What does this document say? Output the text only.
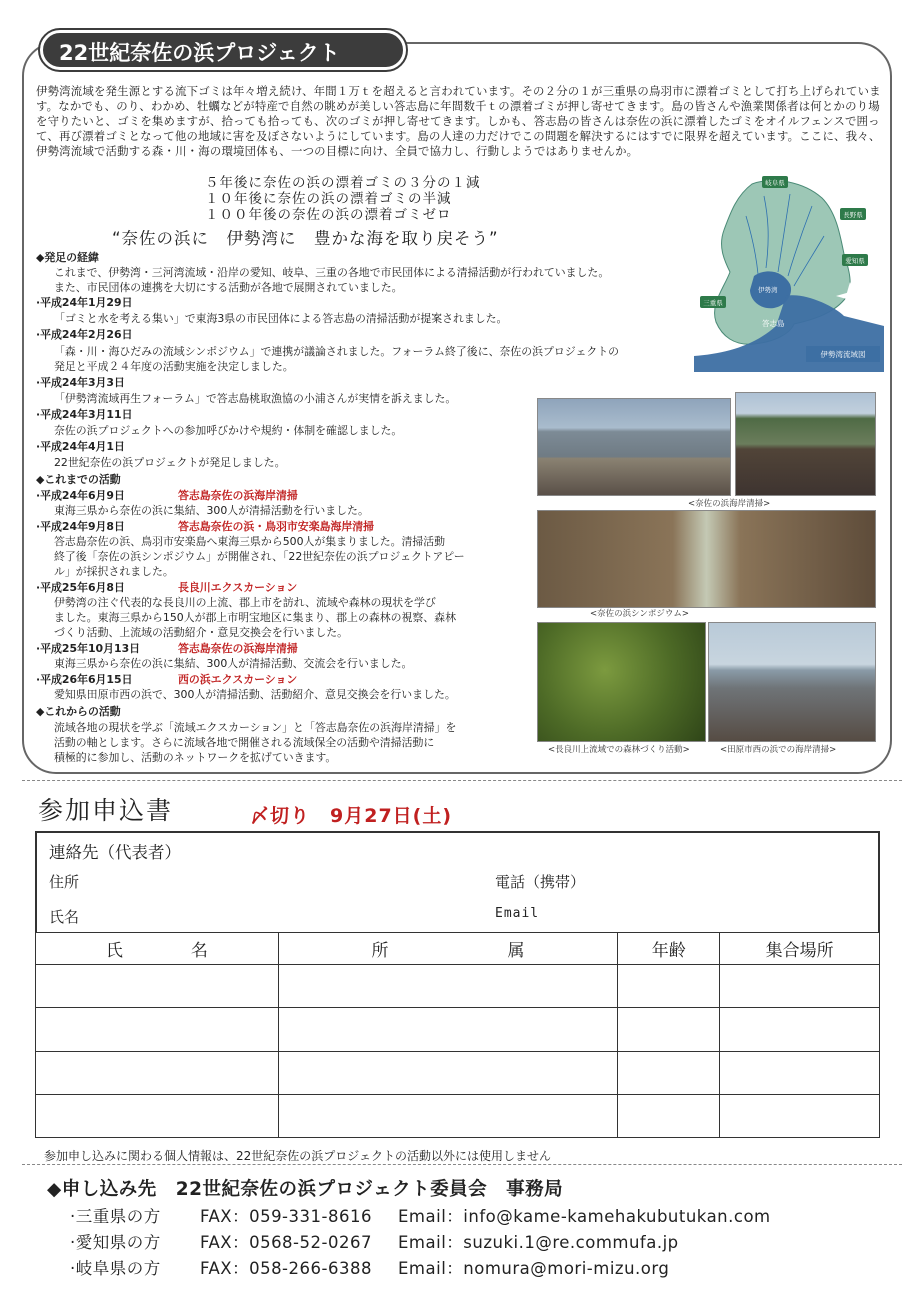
22世紀奈佐の浜プロジェクト
伊勢湾流域を発生源とする流下ゴミは年々増え続け、年間１万ｔを超えると言われています。その２分の１が三重県の鳥羽市に漂着ゴミとして打ち上げられています。なかでも、のり、わかめ、牡蠣などが特産で自然の眺めが美しい答志島に年間数千ｔの漂着ゴミが押し寄せてきます。島の皆さんや漁業関係者は何とかのり場を守りたいと、ゴミを集めますが、拾っても拾っても、次のゴミが押し寄せてきます。しかも、答志島の皆さんは奈佐の浜に漂着したゴミをオイルフェンスで囲って、再び漂着ゴミとなって他の地域に害を及ぼさないようにしています。島の人達の力だけでこの問題を解決するにはすでに限界を超えています。ここに、我々、伊勢湾流域で活動する森・川・海の環境団体も、一つの目標に向け、全員で協力し、行動しようではありませんか。
５年後に奈佐の浜の漂着ゴミの３分の１減
１０年後に奈佐の浜の漂着ゴミの半減
１００年後の奈佐の浜の漂着ゴミゼロ
“奈佐の浜に　伊勢湾に　豊かな海を取り戻そう”
岐阜県
長野県
愛知県
三重県
答志島
伊勢湾
伊勢湾流域図
◆発足の経緯
これまで、伊勢湾・三河湾流域・沿岸の愛知、岐阜、三重の各地で市民団体による清掃活動が行われていました。
また、市民団体の連携を大切にする活動が各地で展開されていました。
·平成24年1月29日
「ゴミと水を考える集い」で東海3県の市民団体による答志島の清掃活動が提案されました。
·平成24年2月26日
「森・川・海ひだみの流域シンポジウム」で連携が議論されました。フォーラム終了後に、奈佐の浜プロジェクトの
発足と平成２４年度の活動実施を決定しました。
·平成24年3月3日
「伊勢湾流域再生フォーラム」で答志島桃取漁協の小浦さんが実情を訴えました。
·平成24年3月11日
奈佐の浜プロジェクトへの参加呼びかけや規約・体制を確認しました。
·平成24年4月1日
22世紀奈佐の浜プロジェクトが発足しました。
◆これまでの活動
·平成24年6月9日	答志島奈佐の浜海岸清掃
東海三県から奈佐の浜に集結、300人が清掃活動を行いました。
·平成24年9月8日	答志島奈佐の浜・鳥羽市安楽島海岸清掃
答志島奈佐の浜、鳥羽市安楽島へ東海三県から500人が集まりました。清掃活動
終了後「奈佐の浜シンポジウム」が開催され、「22世紀奈佐の浜プロジェクトアピー
ル」が採択されました。
·平成25年6月8日	長良川エクスカーション
伊勢湾の注ぐ代表的な長良川の上流、郡上市を訪れ、流域や森林の現状を学び
ました。東海三県から150人が郡上市明宝地区に集まり、郡上の森林の視察、森林
づくり活動、上流域の活動紹介・意見交換会を行いました。
·平成25年10月13日	答志島奈佐の浜海岸清掃
東海三県から奈佐の浜に集結、300人が清掃活動、交流会を行いました。
·平成26年6月15日	西の浜エクスカーション
愛知県田原市西の浜で、300人が清掃活動、活動紹介、意見交換会を行いました。
◆これからの活動
流域各地の現状を学ぶ「流域エクスカーション」と「答志島奈佐の浜海岸清掃」を
活動の軸とします。さらに流域各地で開催される流域保全の活動や清掃活動に
積極的に参加し、活動のネットワークを拡げていきます。
<奈佐の浜海岸清掃>
<奈佐の浜シンポジウム>
<長良川上流域での森林づくり活動>	<田原市西の浜での海岸清掃>
参加申込書	〆切り　9月27日(土)
連絡先（代表者）
住所	電話（携帯）
氏名	Email
氏　　　　名	所　　　　　　　属	年齢	集合場所

参加申し込みに関わる個人情報は、22世紀奈佐の浜プロジェクトの活動以外には使用しません
◆申し込み先　22世紀奈佐の浜プロジェクト委員会　事務局
·三重県の方 FAX：059-331-8616 Email：info@kame-kamehakubutukan.com
·愛知県の方 FAX：0568-52-0267 Email：suzuki.1@re.commufa.jp
·岐阜県の方 FAX：058-266-6388 Email：nomura@mori-mizu.org
